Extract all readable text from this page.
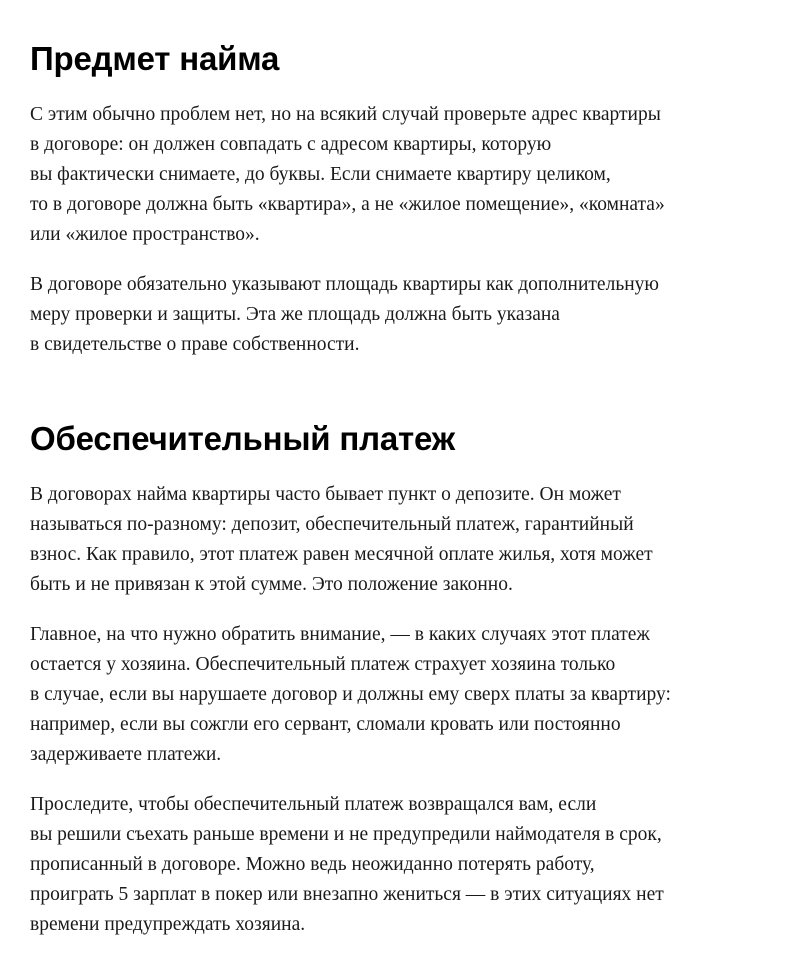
Предмет найма

С этим обычно проблем нет, но на всякий случай проверьте адрес квартиры
в договоре: он должен совпадать с адресом квартиры, которую
вы фактически снимаете, до буквы. Если снимаете квартиру целиком,
то в договоре должна быть «квартира», а не «жилое помещение», «комната»
или «жилое пространство».

В договоре обязательно указывают площадь квартиры как дополнительную
меру проверки и защиты. Эта же площадь должна быть указана
в свидетельстве о праве собственности.

Обеспечительный платеж

В договорах найма квартиры часто бывает пункт о депозите. Он может
называться по-разному: депозит, обеспечительный платеж, гарантийный
взнос. Как правило, этот платеж равен месячной оплате жилья, хотя может
быть и не привязан к этой сумме. Это положение законно.

Главное, на что нужно обратить внимание, — в каких случаях этот платеж
остается у хозяина. Обеспечительный платеж страхует хозяина только
в случае, если вы нарушаете договор и должны ему сверх платы за квартиру:
например, если вы сожгли его сервант, сломали кровать или постоянно
задерживаете платежи.

Проследите, чтобы обеспечительный платеж возвращался вам, если
вы решили съехать раньше времени и не предупредили наймодателя в срок,
прописанный в договоре. Можно ведь неожиданно потерять работу,
проиграть 5 зарплат в покер или внезапно жениться — в этих ситуациях нет
времени предупреждать хозяина.
